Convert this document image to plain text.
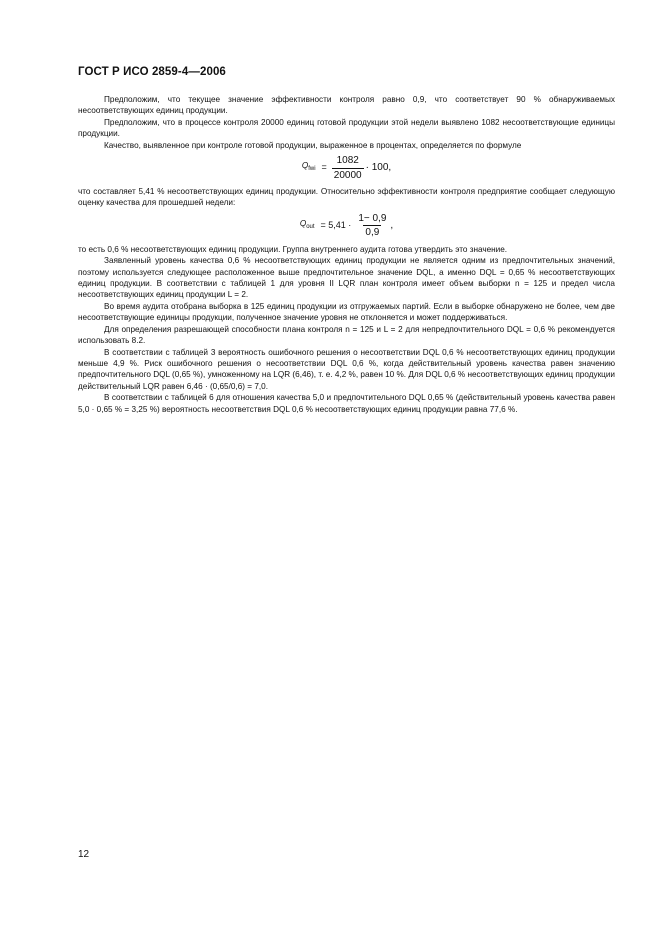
ГОСТ Р ИСО 2859-4—2006

Предположим, что текущее значение эффективности контроля равно 0,9, что соответствует 90 % обнаруживаемых несоответствующих единиц продукции.

Предположим, что в процессе контроля 20000 единиц готовой продукции этой недели выявлено 1082 несоответствующие единицы продукции.

Качество, выявленное при контроле готовой продукции, выраженное в процентах, определяется по формуле

$Q_{fwi} = \frac{1082}{20000} \cdot 100$,

что составляет 5,41 % несоответствующих единиц продукции. Относительно эффективности контроля предприятие сообщает следующую оценку качества для прошедшей недели:

$Q_{out} = 5,41 \cdot \frac{1- 0,9}{0,9}$ ,

то есть 0,6 % несоответствующих единиц продукции. Группа внутреннего аудита готова утвердить это значение.

Заявленный уровень качества 0,6 % несоответствующих единиц продукции не является одним из предпочтительных значений, поэтому используется следующее расположенное выше предпочтительное значение DQL, а именно DQL = 0,65 % несоответствующих единиц продукции. В соответствии с таблицей 1 для уровня II LQR план контроля имеет объем выборки n = 125 и предел числа несоответствующих единиц продукции L = 2.

Во время аудита отобрана выборка в 125 единиц продукции из отгружаемых партий. Если в выборке обнаружено не более, чем две несоответствующие единицы продукции, полученное значение уровня не отклоняется и может поддерживаться.

Для определения разрешающей способности плана контроля n = 125 и L = 2 для непредпочтительного DQL = 0,6 % рекомендуется использовать 8.2.

В соответствии с таблицей 3 вероятность ошибочного решения о несоответствии DQL 0,6 % несоответствующих единиц продукции меньше 4,9 %. Риск ошибочного решения о несоответствии DQL 0,6 %, когда действительный уровень качества равен значению предпочтительного DQL (0,65 %), умноженному на LQR (6,46), т. е. 4,2 %, равен 10 %. Для DQL 0,6 % несоответствующих единиц продукции действительный LQR равен 6,46 · (0,65/0,6) = 7,0.

В соответствии с таблицей 6 для отношения качества 5,0 и предпочтительного DQL 0,65 % (действительный уровень качества равен 5,0 · 0,65 % = 3,25 %) вероятность несоответствия DQL 0,6 % несоответствующих единиц продукции равна 77,6 %.

12
